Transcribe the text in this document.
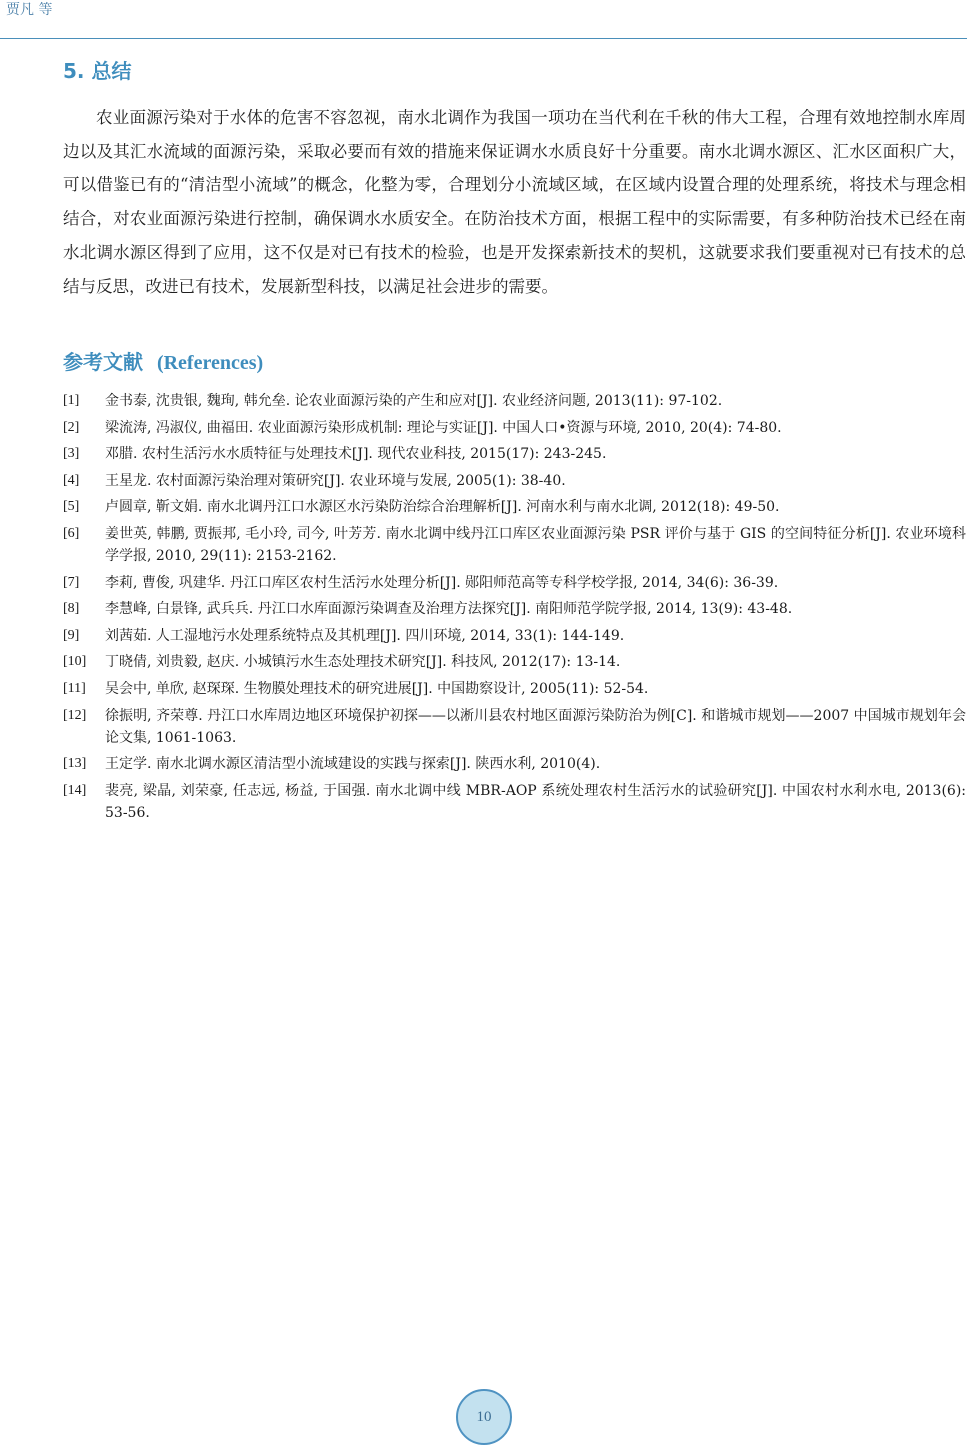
贾凡 等
5. 总结

农业面源污染对于水体的危害不容忽视，南水北调作为我国一项功在当代利在千秋的伟大工程，合理有效地控制水库周边以及其汇水流域的面源污染，采取必要而有效的措施来保证调水水质良好十分重要。南水北调水源区、汇水区面积广大，可以借鉴已有的“清洁型小流域”的概念，化整为零，合理划分小流域区域，在区域内设置合理的处理系统，将技术与理念相结合，对农业面源污染进行控制，确保调水水质安全。在防治技术方面，根据工程中的实际需要，有多种防治技术已经在南水北调水源区得到了应用，这不仅是对已有技术的检验，也是开发探索新技术的契机，这就要求我们要重视对已有技术的总结与反思，改进已有技术，发展新型科技，以满足社会进步的需要。

参考文献 (References)
[1]	金书泰, 沈贵银, 魏珣, 韩允垒. 论农业面源污染的产生和应对[J]. 农业经济问题, 2013(11): 97-102.
[2]	梁流涛, 冯淑仪, 曲福田. 农业面源污染形成机制: 理论与实证[J]. 中国人口•资源与环境, 2010, 20(4): 74-80.
[3]	邓腊. 农村生活污水水质特征与处理技术[J]. 现代农业科技, 2015(17): 243-245.
[4]	王星龙. 农村面源污染治理对策研究[J]. 农业环境与发展, 2005(1): 38-40.
[5]	卢圆章, 靳文娟. 南水北调丹江口水源区水污染防治综合治理解析[J]. 河南水利与南水北调, 2012(18): 49-50.
[6]	姜世英, 韩鹏, 贾振邦, 毛小玲, 司今, 叶芳芳. 南水北调中线丹江口库区农业面源污染 PSR 评价与基于 GIS 的空间特征分析[J]. 农业环境科学学报, 2010, 29(11): 2153-2162.
[7]	李莉, 曹俊, 巩建华. 丹江口库区农村生活污水处理分析[J]. 郧阳师范高等专科学校学报, 2014, 34(6): 36-39.
[8]	李慧峰, 白景锋, 武兵兵. 丹江口水库面源污染调查及治理方法探究[J]. 南阳师范学院学报, 2014, 13(9): 43-48.
[9]	刘茜茹. 人工湿地污水处理系统特点及其机理[J]. 四川环境, 2014, 33(1): 144-149.
[10]	丁晓倩, 刘贵毅, 赵庆. 小城镇污水生态处理技术研究[J]. 科技风, 2012(17): 13-14.
[11]	吴会中, 单欣, 赵琛琛. 生物膜处理技术的研究进展[J]. 中国勘察设计, 2005(11): 52-54.
[12]	徐振明, 齐荣尊. 丹江口水库周边地区环境保护初探——以淅川县农村地区面源污染防治为例[C]. 和谐城市规划——2007 中国城市规划年会论文集, 1061-1063.
[13]	王定学. 南水北调水源区清洁型小流域建设的实践与探索[J]. 陕西水利, 2010(4).
[14]	裴亮, 梁晶, 刘荣豪, 任志远, 杨益, 于国强. 南水北调中线 MBR-AOP 系统处理农村生活污水的试验研究[J]. 中国农村水利水电, 2013(6): 53-56.
10
